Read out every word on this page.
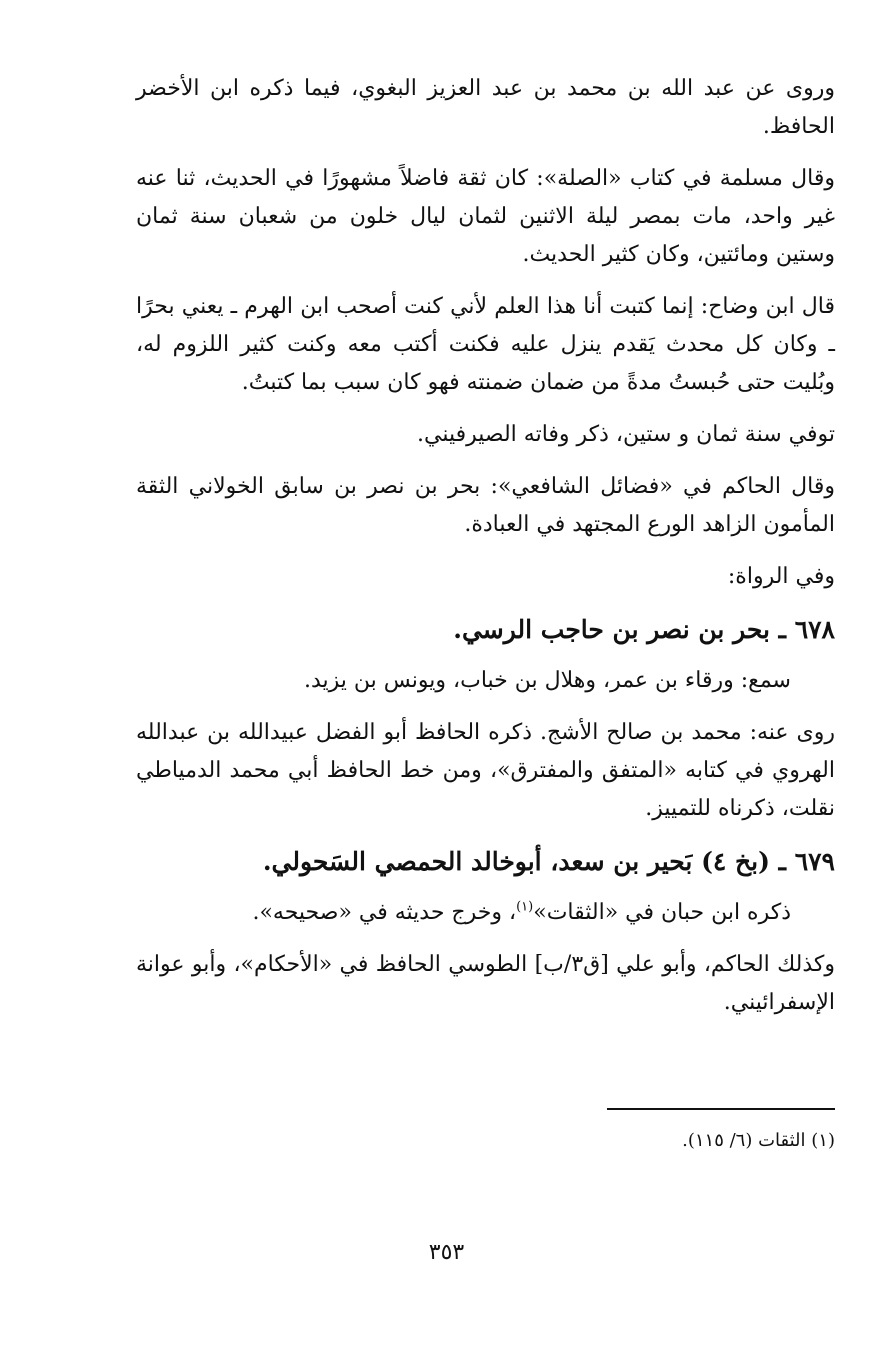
وروى عن عبد الله بن محمد بن عبد العزيز البغوي، فيما ذكره ابن الأخضر الحافظ.

وقال مسلمة في كتاب «الصلة»: كان ثقة فاضلاً مشهورًا في الحديث، ثنا عنه غير واحد، مات بمصر ليلة الاثنين لثمان ليال خلون من شعبان سنة ثمان وستين ومائتين، وكان كثير الحديث.

قال ابن وضاح: إنما كتبت أنا هذا العلم لأني كنت أصحب ابن الهرم ـ يعني بحرًا ـ وكان كل محدث يَقدم ينزل عليه فكنت أكتب معه وكنت كثير اللزوم له، وبُليت حتى حُبستُ مدةً من ضمان ضمنته فهو كان سبب بما كتبتُ.

توفي سنة ثمان و ستين، ذكر وفاته الصيرفيني.

وقال الحاكم في «فضائل الشافعي»: بحر بن نصر بن سابق الخولاني الثقة المأمون الزاهد الورع المجتهد في العبادة.

وفي الرواة:

٦٧٨ ـ بحر بن نصر بن حاجب الرسي.

سمع: ورقاء بن عمر، وهلال بن خباب، ويونس بن يزيد.

روى عنه: محمد بن صالح الأشج. ذكره الحافظ أبو الفضل عبيدالله بن عبدالله الهروي في كتابه «المتفق والمفترق»، ومن خط الحافظ أبي محمد الدمياطي نقلت، ذكرناه للتمييز.

٦٧٩ ـ (بخ ٤) بَحير بن سعد، أبوخالد الحمصي السَحولي.

ذكره ابن حبان في «الثقات»$^{(١)}$، وخرج حديثه في «صحيحه».

وكذلك الحاكم، وأبو علي [ق٣/ب] الطوسي الحافظ في «الأحكام»، وأبو عوانة الإسفرائيني.

(١) الثقات (٦/ ١١٥).
٣٥٣
